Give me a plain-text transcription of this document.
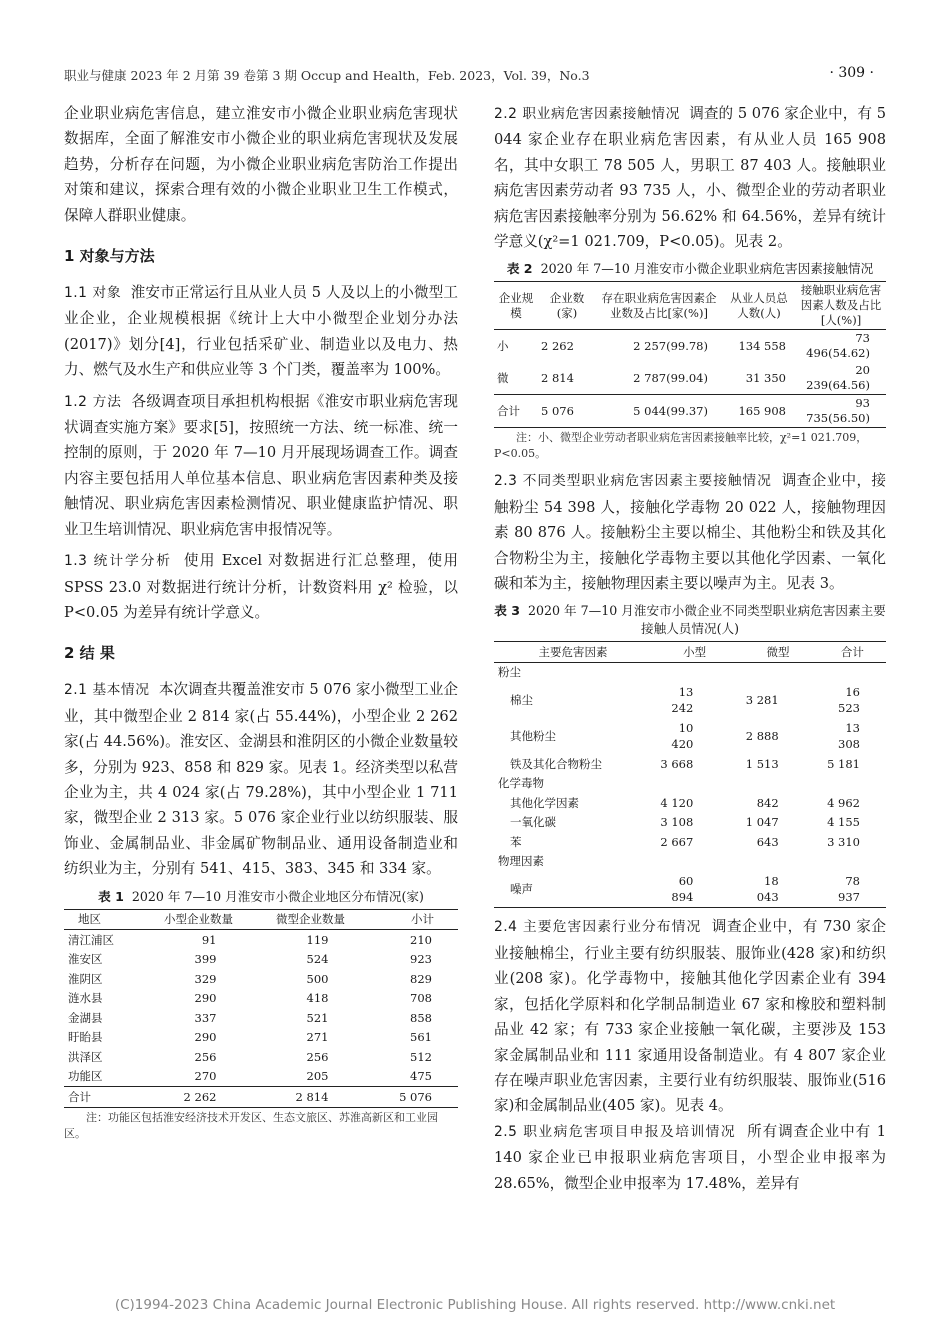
职业与健康 2023 年 2 月第 39 卷第 3 期 Occup and Health，Feb. 2023，Vol. 39，No.3	· 309 ·

企业职业病危害信息，建立淮安市小微企业职业病危害现状数据库，全面了解淮安市小微企业的职业病危害现状及发展趋势，分析存在问题，为小微企业职业病危害防治工作提出对策和建议，探索合理有效的小微企业职业卫生工作模式，保障人群职业健康。

1 对象与方法

1.1 对象 淮安市正常运行且从业人员 5 人及以上的小微型工业企业，企业规模根据《统计上大中小微型企业划分办法(2017)》划分[4]，行业包括采矿业、制造业以及电力、热力、燃气及水生产和供应业等 3 个门类，覆盖率为 100%。

1.2 方法 各级调查项目承担机构根据《淮安市职业病危害现状调查实施方案》要求[5]，按照统一方法、统一标准、统一控制的原则，于 2020 年 7—10 月开展现场调查工作。调查内容主要包括用人单位基本信息、职业病危害因素种类及接触情况、职业病危害因素检测情况、职业健康监护情况、职业卫生培训情况、职业病危害申报情况等。

1.3 统计学分析 使用 Excel 对数据进行汇总整理，使用 SPSS 23.0 对数据进行统计分析，计数资料用 χ² 检验，以 P<0.05 为差异有统计学意义。

2 结 果

2.1 基本情况 本次调查共覆盖淮安市 5 076 家小微型工业企业，其中微型企业 2 814 家(占 55.44%)，小型企业 2 262 家(占 44.56%)。淮安区、金湖县和淮阴区的小微企业数量较多，分别为 923、858 和 829 家。见表 1。经济类型以私营企业为主，共 4 024 家(占 79.28%)，其中小型企业 1 711 家，微型企业 2 313 家。5 076 家企业行业以纺织服装、服饰业、金属制品业、非金属矿物制品业、通用设备制造业和纺织业为主，分别有 541、415、383、345 和 334 家。

表 1 2020 年 7—10 月淮安市小微企业地区分布情况(家)
地区	小型企业数量	微型企业数量	小计
清江浦区	91	119	210
淮安区	399	524	923
淮阴区	329	500	829
涟水县	290	418	708
金湖县	337	521	858
盱眙县	290	271	561
洪泽区	256	256	512
功能区	270	205	475
合计	2 262	2 814	5 076

注：功能区包括淮安经济技术开发区、生态文旅区、苏淮高新区和工业园区。

2.2 职业病危害因素接触情况 调查的 5 076 家企业中，有 5 044 家企业存在职业病危害因素，有从业人员 165 908 名，其中女职工 78 505 人，男职工 87 403 人。接触职业病危害因素劳动者 93 735 人，小、微型企业的劳动者职业病危害因素接触率分别为 56.62% 和 64.56%，差异有统计学意义(χ²=1 021.709，P<0.05)。见表 2。

表 2 2020 年 7—10 月淮安市小微企业职业病危害因素接触情况
企业规模	企业数(家)	存在职业病危害因素企业数及占比[家(%)]	从业人员总人数(人)	接触职业病危害因素人数及占比[人(%)]
小	2 262	2 257(99.78)	134 558	73 496(54.62)
微	2 814	2 787(99.04)	31 350	20 239(64.56)
合计	5 076	5 044(99.37)	165 908	93 735(56.50)

注：小、微型企业劳动者职业病危害因素接触率比较，χ²=1 021.709，P<0.05。

2.3 不同类型职业病危害因素主要接触情况 调查企业中，接触粉尘 54 398 人，接触化学毒物 20 022 人，接触物理因素 80 876 人。接触粉尘主要以棉尘、其他粉尘和铁及其化合物粉尘为主，接触化学毒物主要以其他化学因素、一氧化碳和苯为主，接触物理因素主要以噪声为主。见表 3。

表 3 2020 年 7—10 月淮安市小微企业不同类型职业病危害因素主要接触人员情况(人)
主要危害因素	小型	微型	合计
粉尘			
棉尘	13 242	3 281	16 523
其他粉尘	10 420	2 888	13 308
铁及其化合物粉尘	3 668	1 513	5 181
化学毒物			
其他化学因素	4 120	842	4 962
一氧化碳	3 108	1 047	4 155
苯	2 667	643	3 310
物理因素			
噪声	60 894	18 043	78 937

2.4 主要危害因素行业分布情况 调查企业中，有 730 家企业接触棉尘，行业主要有纺织服装、服饰业(428 家)和纺织业(208 家)。化学毒物中，接触其他化学因素企业有 394 家，包括化学原料和化学制品制造业 67 家和橡胶和塑料制品业 42 家；有 733 家企业接触一氧化碳，主要涉及 153 家金属制品业和 111 家通用设备制造业。有 4 807 家企业存在噪声职业危害因素，主要行业有纺织服装、服饰业(516 家)和金属制品业(405 家)。见表 4。

2.5 职业病危害项目申报及培训情况 所有调查企业中有 1 140 家企业已申报职业病危害项目，小型企业申报率为 28.65%，微型企业申报率为 17.48%，差异有

(C)1994-2023 China Academic Journal Electronic Publishing House. All rights reserved. http://www.cnki.net
